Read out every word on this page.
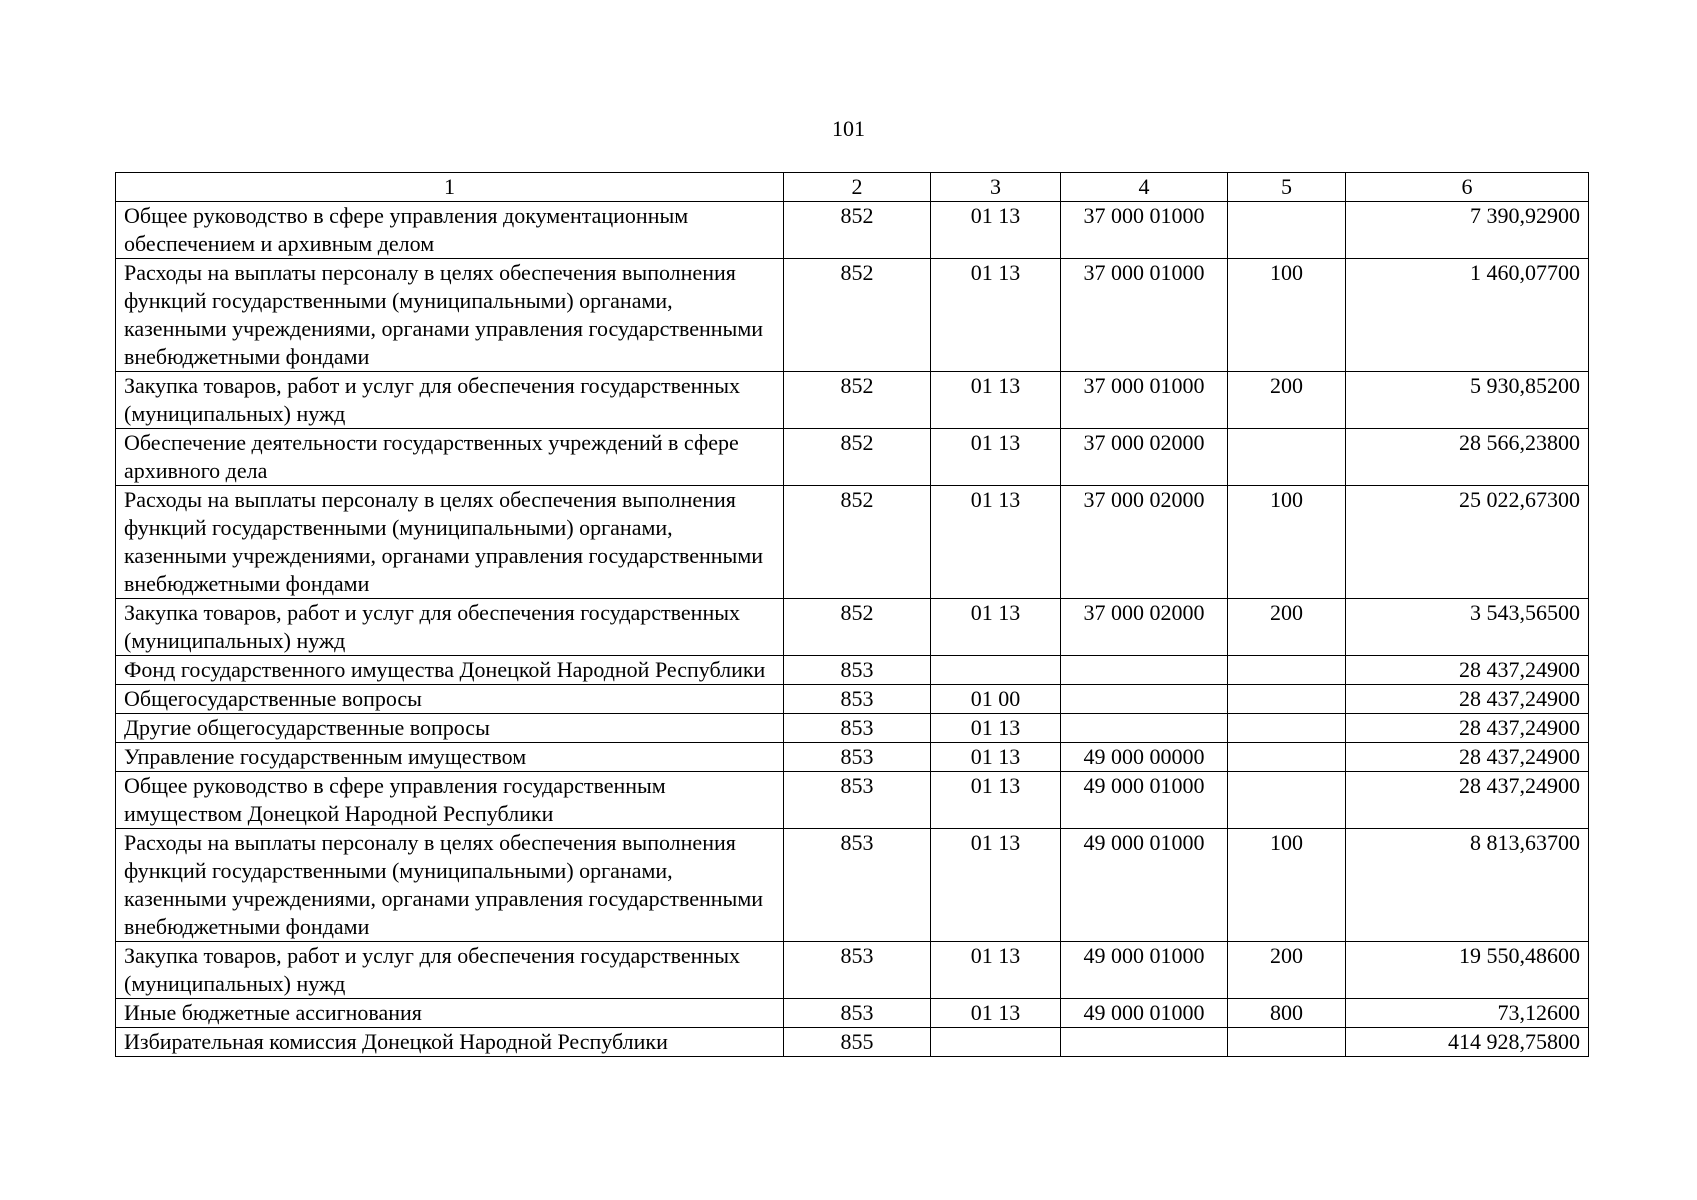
101
1	2	3	4	5	6
Общее руководство в сфере управления документационным обеспечением и архивным делом	852	01 13	37 000 01000		7 390,92900
Расходы на выплаты персоналу в целях обеспечения выполнения функций государственными (муниципальными) органами, казенными учреждениями, органами управления государственными внебюджетными фондами	852	01 13	37 000 01000	100	1 460,07700
Закупка товаров, работ и услуг для обеспечения государственных (муниципальных) нужд	852	01 13	37 000 01000	200	5 930,85200
Обеспечение деятельности государственных учреждений в сфере архивного дела	852	01 13	37 000 02000		28 566,23800
Расходы на выплаты персоналу в целях обеспечения выполнения функций государственными (муниципальными) органами, казенными учреждениями, органами управления государственными внебюджетными фондами	852	01 13	37 000 02000	100	25 022,67300
Закупка товаров, работ и услуг для обеспечения государственных (муниципальных) нужд	852	01 13	37 000 02000	200	3 543,56500
Фонд государственного имущества Донецкой Народной Республики	853				28 437,24900
Общегосударственные вопросы	853	01 00			28 437,24900
Другие общегосударственные вопросы	853	01 13			28 437,24900
Управление государственным имуществом	853	01 13	49 000 00000		28 437,24900
Общее руководство в сфере управления государственным имуществом Донецкой Народной Республики	853	01 13	49 000 01000		28 437,24900
Расходы на выплаты персоналу в целях обеспечения выполнения функций государственными (муниципальными) органами, казенными учреждениями, органами управления государственными внебюджетными фондами	853	01 13	49 000 01000	100	8 813,63700
Закупка товаров, работ и услуг для обеспечения государственных (муниципальных) нужд	853	01 13	49 000 01000	200	19 550,48600
Иные бюджетные ассигнования	853	01 13	49 000 01000	800	73,12600
Избирательная комиссия Донецкой Народной Республики	855				414 928,75800
